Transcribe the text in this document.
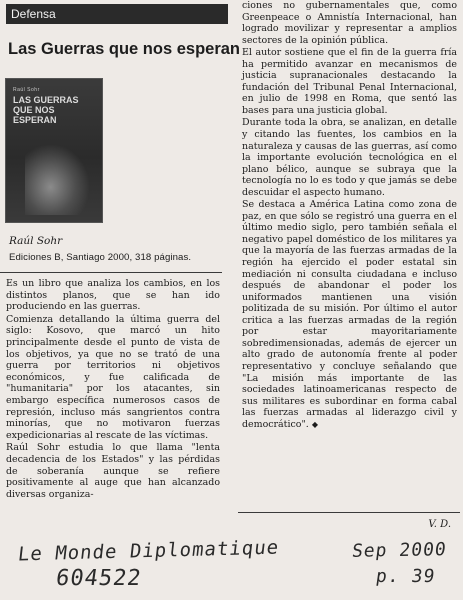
Defensa
Las Guerras que nos esperan
Raúl Sohr
LAS GUERRAS QUE NOS ESPERAN
Raúl Sohr
Ediciones B, Santiago 2000, 318 páginas.

Es un libro que analiza los cambios, en los distintos planos, que se han ido produciendo en las guerras.

Comienza detallando la última guerra del siglo: Kosovo, que marcó un hito principalmente desde el punto de vista de los objetivos, ya que no se trató de una guerra por territorios ni objetivos económicos, y fue calificada de "humanitaria" por los atacantes, sin embargo específica numerosos casos de represión, incluso más sangrientos contra minorías, que no motivaron fuerzas expedicionarias al rescate de las víctimas.

Raúl Sohr estudia lo que llama "lenta decadencia de los Estados" y las pérdidas de soberanía aunque se refiere positivamente al auge que han alcanzado diversas organiza-

ciones no gubernamentales que, como Greenpeace o Amnistía Internacional, han logrado movilizar y representar a amplios sectores de la opinión pública.

El autor sostiene que el fin de la guerra fría ha permitido avanzar en mecanismos de justicia supranacionales destacando la fundación del Tribunal Penal Internacional, en julio de 1998 en Roma, que sentó las bases para una justicia global.

Durante toda la obra, se analizan, en detalle y citando las fuentes, los cambios en la naturaleza y causas de las guerras, así como la importante evolución tecnológica en el plano bélico, aunque se subraya que la tecnología no lo es todo y que jamás se debe descuidar el aspecto humano.

Se destaca a América Latina como zona de paz, en que sólo se registró una guerra en el último medio siglo, pero también señala el negativo papel doméstico de los militares ya que la mayoría de las fuerzas armadas de la región ha ejercido el poder estatal sin mediación ni consulta ciudadana e incluso después de abandonar el poder los uniformados mantienen una visión politizada de su misión. Por último el autor critica a las fuerzas armadas de la región por estar mayoritariamente sobredimensionadas, además de ejercer un alto grado de autonomía frente al poder representativo y concluye señalando que "La misión más importante de las sociedades latinoamericanas respecto de sus militares es subordinar en forma cabal las fuerzas armadas al liderazgo civil y democrático". ◆

V. D.
Le Monde Diplomatique	Sep 2000
604522	p. 39
